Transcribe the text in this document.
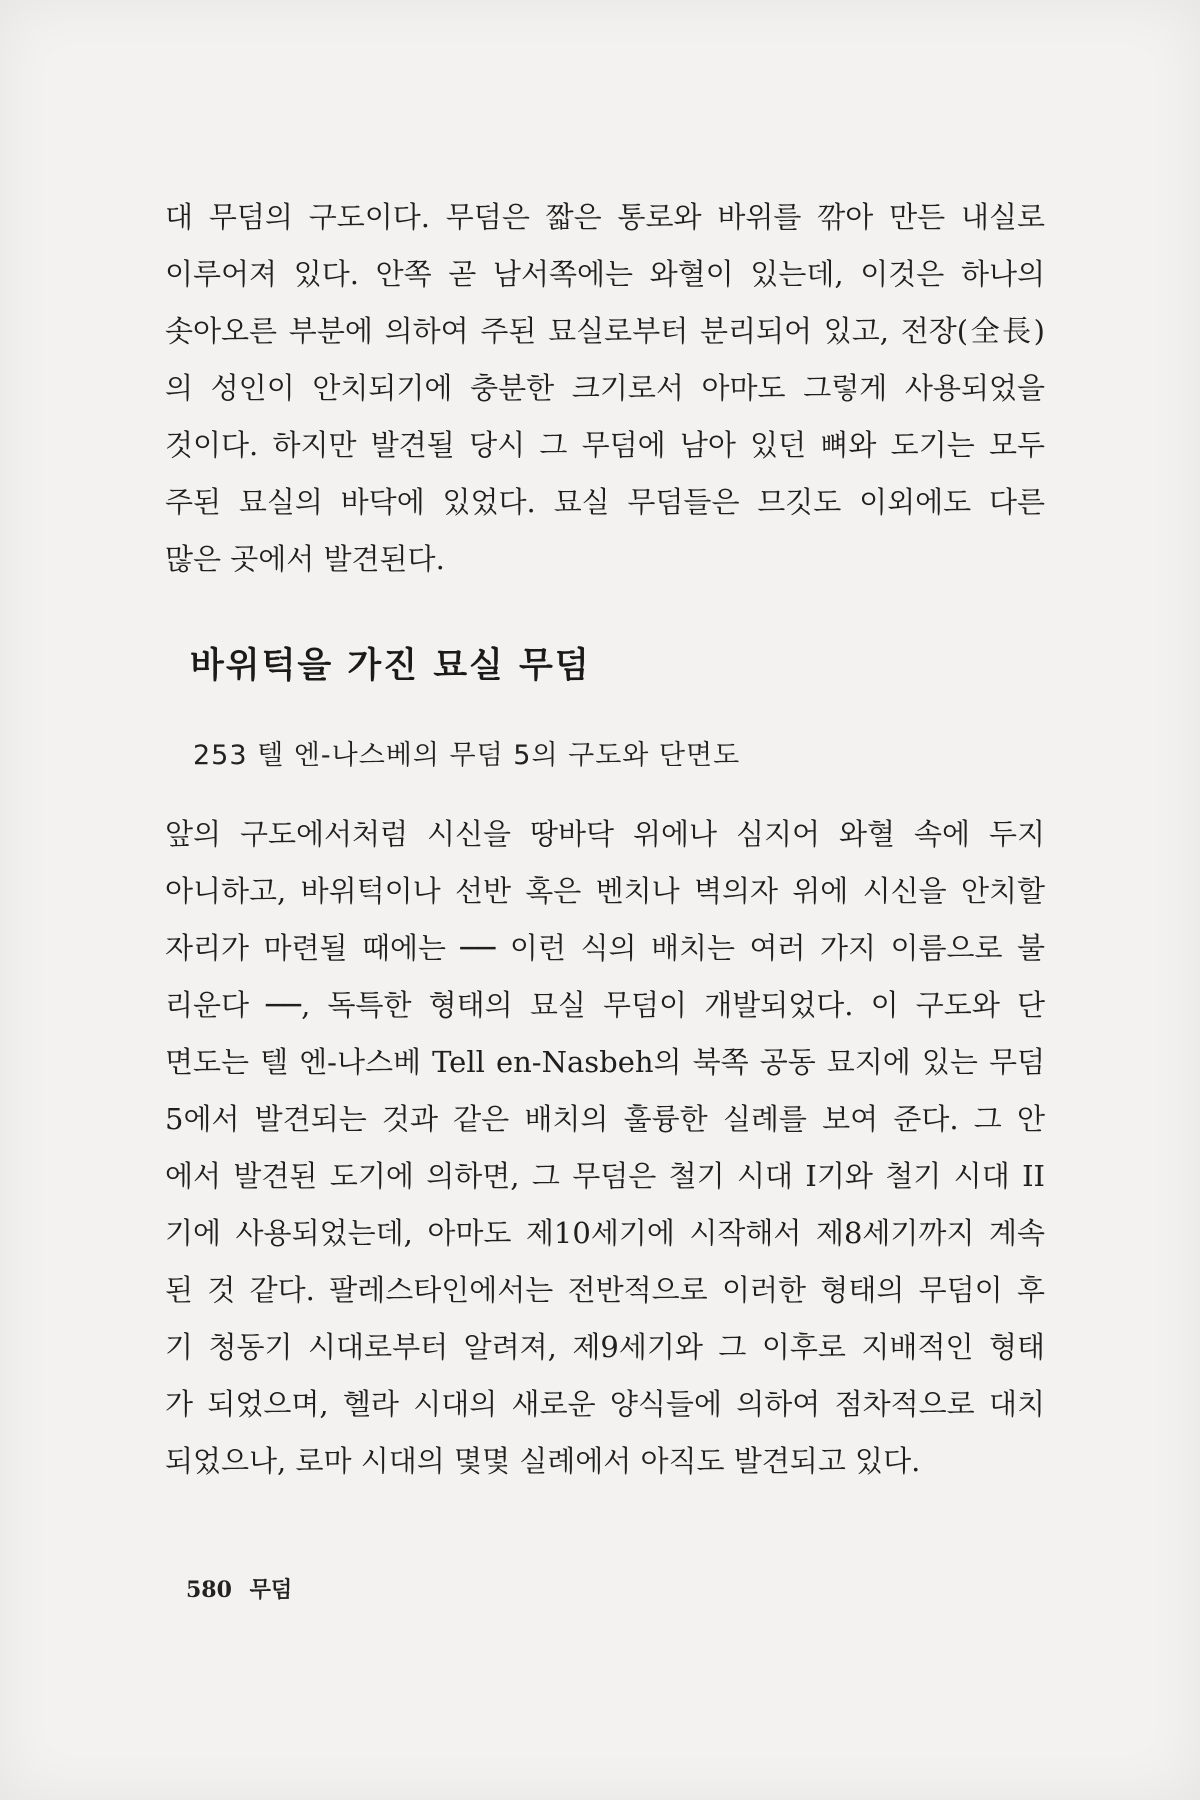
대 무덤의 구도이다. 무덤은 짧은 통로와 바위를 깎아 만든 내실로
이루어져 있다. 안쪽 곧 남서쪽에는 와혈이 있는데, 이것은 하나의
솟아오른 부분에 의하여 주된 묘실로부터 분리되어 있고, 전장(全長)
의 성인이 안치되기에 충분한 크기로서 아마도 그렇게 사용되었을
것이다. 하지만 발견될 당시 그 무덤에 남아 있던 뼈와 도기는 모두
주된 묘실의 바닥에 있었다. 묘실 무덤들은 므깃도 이외에도 다른
많은 곳에서 발견된다.
바위턱을 가진 묘실 무덤

253 텔 엔-나스베의 무덤 5의 구도와 단면도

앞의 구도에서처럼 시신을 땅바닥 위에나 심지어 와혈 속에 두지
아니하고, 바위턱이나 선반 혹은 벤치나 벽의자 위에 시신을 안치할
자리가 마련될 때에는 ── 이런 식의 배치는 여러 가지 이름으로 불
리운다 ──, 독특한 형태의 묘실 무덤이 개발되었다. 이 구도와 단
면도는 텔 엔-나스베 Tell en-Nasbeh의 북쪽 공동 묘지에 있는 무덤
5에서 발견되는 것과 같은 배치의 훌륭한 실례를 보여 준다. 그 안
에서 발견된 도기에 의하면, 그 무덤은 철기 시대 I기와 철기 시대 II
기에 사용되었는데, 아마도 제10세기에 시작해서 제8세기까지 계속
된 것 같다. 팔레스타인에서는 전반적으로 이러한 형태의 무덤이 후
기 청동기 시대로부터 알려져, 제9세기와 그 이후로 지배적인 형태
가 되었으며, 헬라 시대의 새로운 양식들에 의하여 점차적으로 대치
되었으나, 로마 시대의 몇몇 실례에서 아직도 발견되고 있다.
580 무덤
